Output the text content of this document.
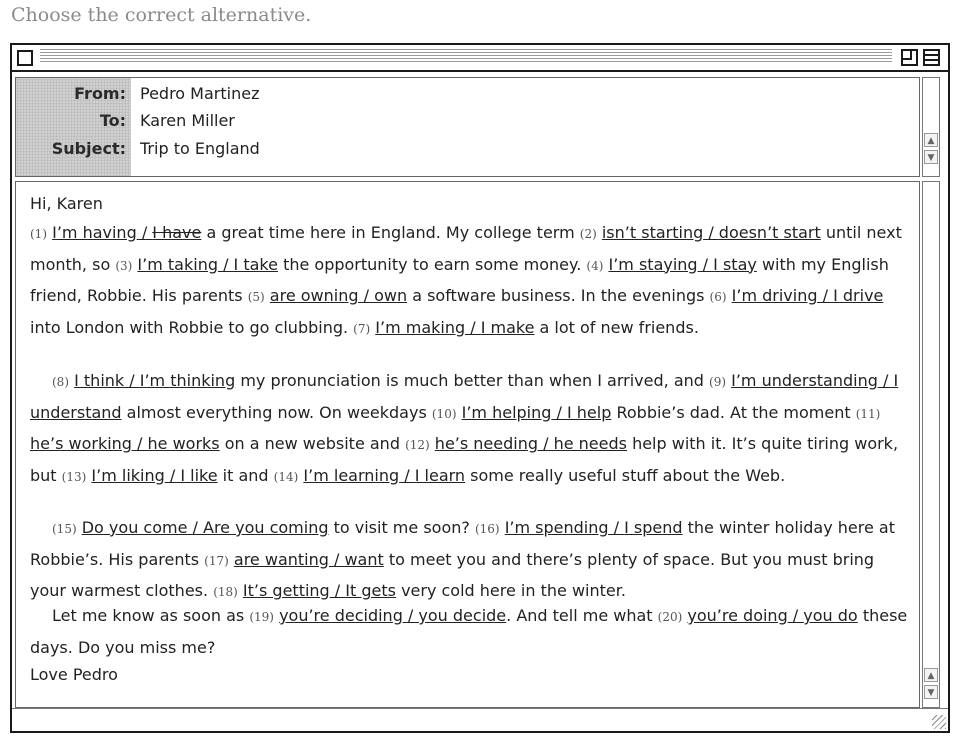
Choose the correct alternative.
From: Pedro Martinez
To: Karen Miller
Subject: Trip to England	▲
▼

Hi, Karen

(1) I’m having / I have a great time here in England. My college term (2) isn’t starting / doesn’t start until next month, so (3) I’m taking / I take the opportunity to earn some money. (4) I’m staying / I stay with my English friend, Robbie. His parents (5) are owning / own a software business. In the evenings (6) I’m driving / I drive into London with Robbie to go clubbing. (7) I’m making / I make a lot of new friends.

(8) I think / I’m thinking my pronunciation is much better than when I arrived, and (9) I’m understanding / I understand almost everything now. On weekdays (10) I’m helping / I help Robbie’s dad. At the moment (11) he’s working / he works on a new website and (12) he’s needing / he needs help with it. It’s quite tiring work, but (13) I’m liking / I like it and (14) I’m learning / I learn some really useful stuff about the Web.

(15) Do you come / Are you coming to visit me soon? (16) I’m spending / I spend the winter holiday here at Robbie’s. His parents (17) are wanting / want to meet you and there’s plenty of space. But you must bring your warmest clothes. (18) It’s getting / It gets very cold here in the winter.

Let me know as soon as (19) you’re deciding / you decide. And tell me what (20) you’re doing / you do these days. Do you miss me?

Love Pedro	▲
▼
